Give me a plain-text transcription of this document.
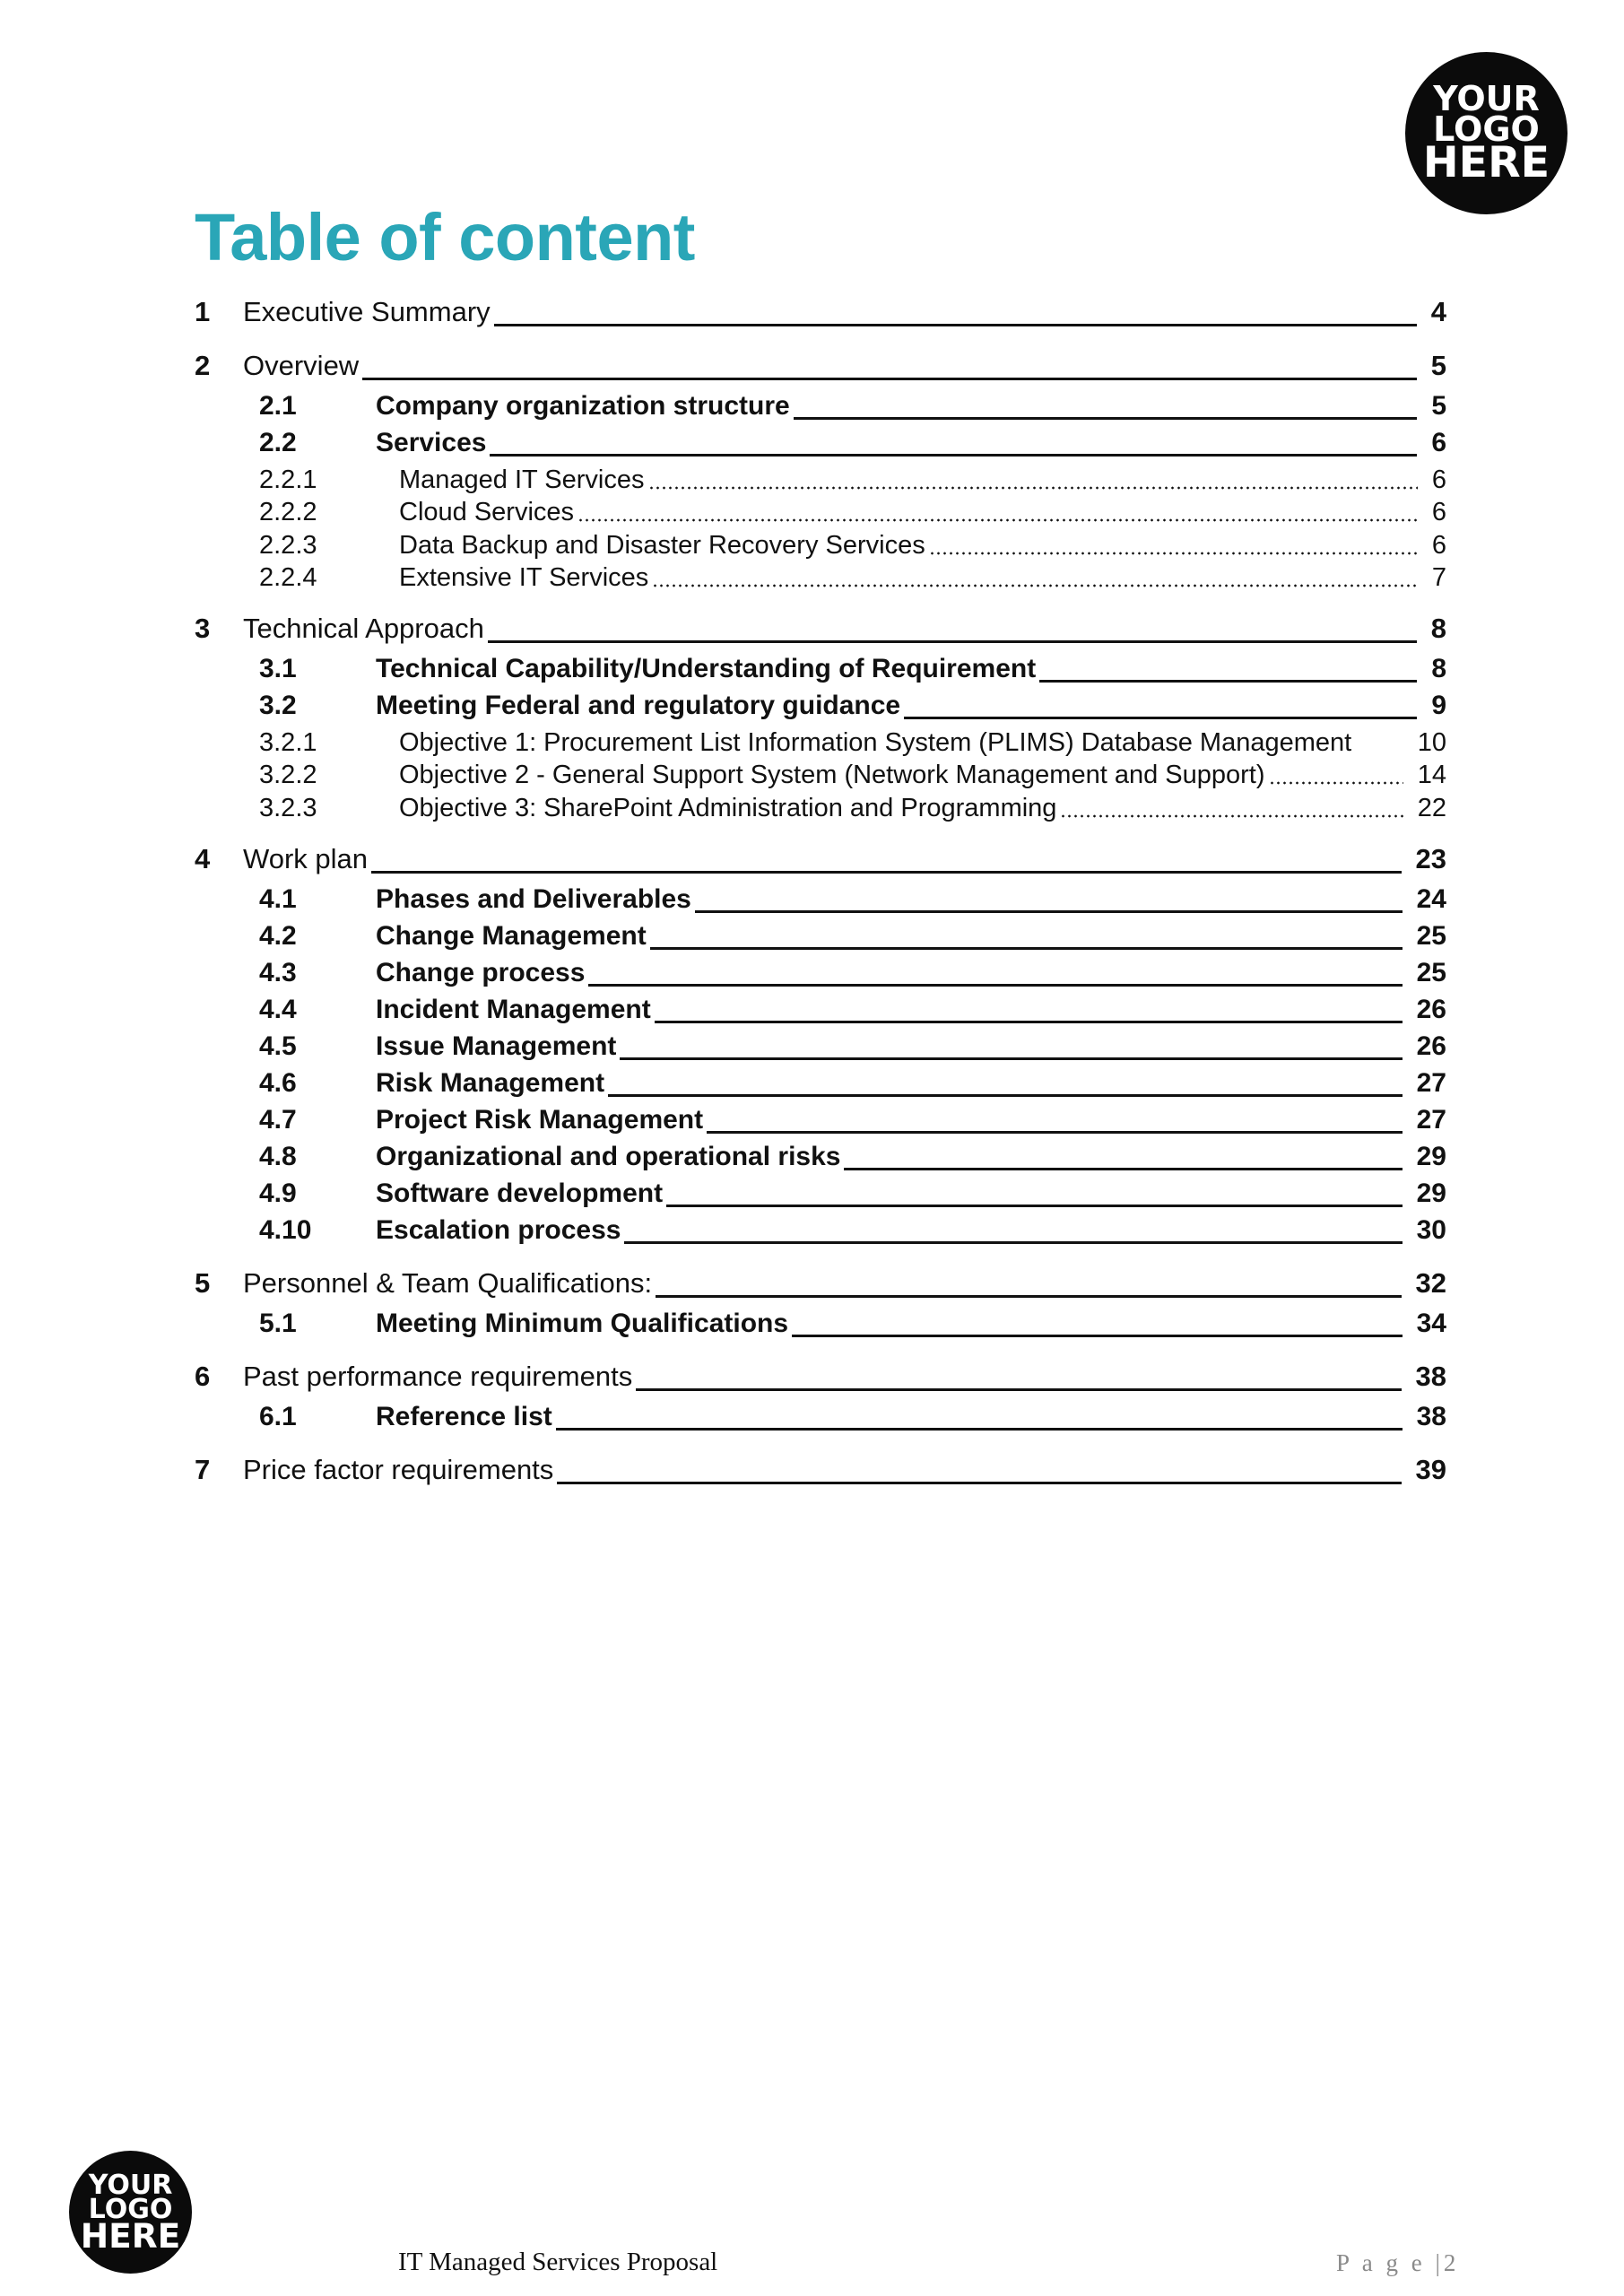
YOUR
LOGO
HERE
Table of content
1 Executive Summary	4
2 Overview	5
2.1	Company organization structure	5
2.2	Services	6
2.2.1	Managed IT Services	6
2.2.2	Cloud Services	6
2.2.3	Data Backup and Disaster Recovery Services	6
2.2.4	Extensive IT Services	7
3 Technical Approach	8
3.1	Technical Capability/Understanding of Requirement	8
3.2	Meeting Federal and regulatory guidance	9
3.2.1	Objective 1: Procurement List Information System (PLIMS) Database Management	10
3.2.2	Objective 2 - General Support System (Network Management and Support)	14
3.2.3	Objective 3: SharePoint Administration and Programming	22
4 Work plan	23
4.1	Phases and Deliverables	24
4.2	Change Management	25
4.3	Change process	25
4.4	Incident Management	26
4.5	Issue Management	26
4.6	Risk Management	27
4.7	Project Risk Management	27
4.8	Organizational and operational risks	29
4.9	Software development	29
4.10 Escalation process	30
5 Personnel & Team Qualifications:	32
5.1	Meeting Minimum Qualifications	34
6 Past performance requirements	38
6.1	Reference list	38
7 Price factor requirements	39
YOUR
LOGO
HERE
IT Managed Services Proposal	P a g e |2
